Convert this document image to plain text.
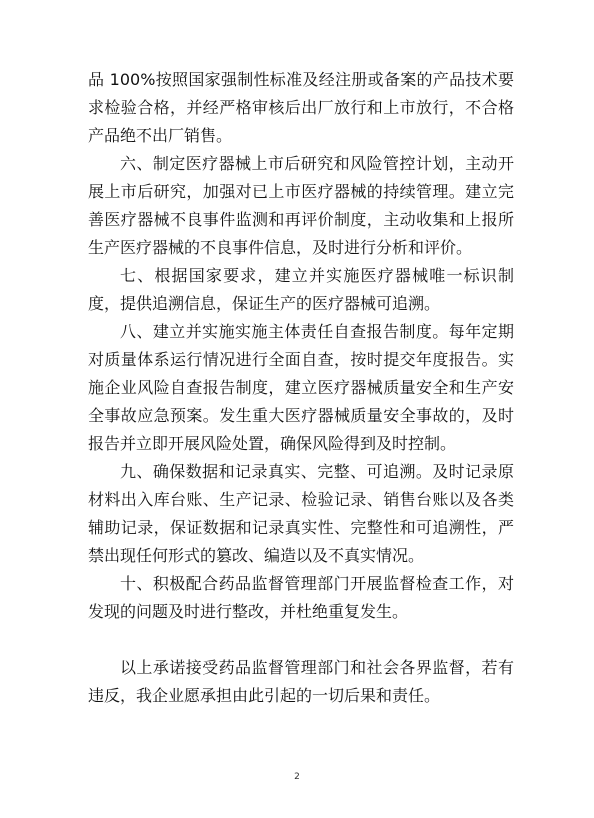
品 100%按照国家强制性标准及经注册或备案的产品技术要求检验合格，并经严格审核后出厂放行和上市放行，不合格产品绝不出厂销售。

六、制定医疗器械上市后研究和风险管控计划，主动开展上市后研究，加强对已上市医疗器械的持续管理。建立完善医疗器械不良事件监测和再评价制度，主动收集和上报所生产医疗器械的不良事件信息，及时进行分析和评价。

七、根据国家要求，建立并实施医疗器械唯一标识制度，提供追溯信息，保证生产的医疗器械可追溯。

八、建立并实施实施主体责任自查报告制度。每年定期对质量体系运行情况进行全面自查，按时提交年度报告。实施企业风险自查报告制度，建立医疗器械质量安全和生产安全事故应急预案。发生重大医疗器械质量安全事故的，及时报告并立即开展风险处置，确保风险得到及时控制。

九、确保数据和记录真实、完整、可追溯。及时记录原材料出入库台账、生产记录、检验记录、销售台账以及各类辅助记录，保证数据和记录真实性、完整性和可追溯性，严禁出现任何形式的篡改、编造以及不真实情况。

十、积极配合药品监督管理部门开展监督检查工作，对发现的问题及时进行整改，并杜绝重复发生。

以上承诺接受药品监督管理部门和社会各界监督，若有违反，我企业愿承担由此引起的一切后果和责任。

2
